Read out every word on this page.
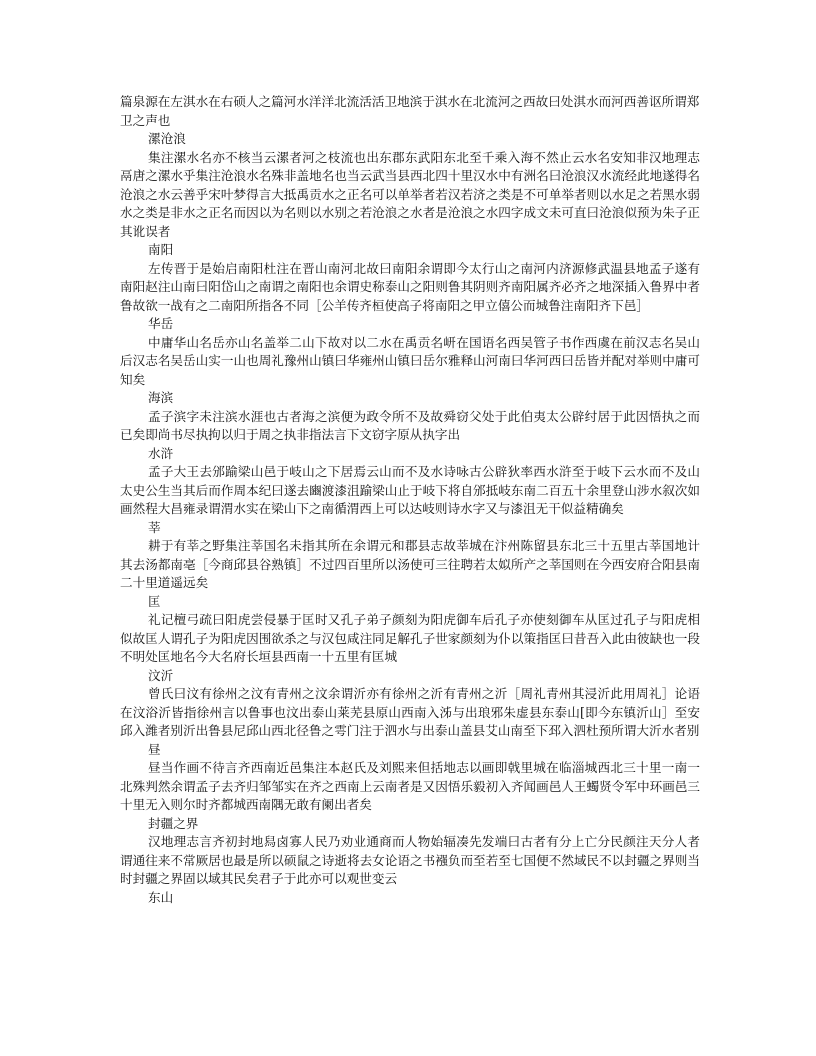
篇泉源在左淇水在右硕人之篇河水洋洋北流活活卫地滨于淇水在北流河之西故曰处淇水而河西善讴所谓郑卫之声也

漯沧浪

集注漯水名亦不核当云漯者河之枝流也出东郡东武阳东北至千乘入海不然止云水名安知非汉地理志鬲唐之漯水乎集注沧浪水名殊非盖地名也当云武当县西北四十里汉水中有洲名曰沧浪汉水流经此地遂得名沧浪之水云善乎宋叶梦得言大抵禹贡水之正名可以单举者若汉若济之类是不可单举者则以水足之若黑水弱水之类是非水之正名而因以为名则以水别之若沧浪之水者是沧浪之水四字成文未可直曰沧浪似预为朱子正其讹误者

南阳

左传晋于是始启南阳杜注在晋山南河北故曰南阳余谓即今太行山之南河内济源修武温县地孟子遂有南阳赵注山南曰阳岱山之南谓之南阳也余谓史称泰山之阳则鲁其阴则齐南阳属齐必齐之地深插入鲁界中者鲁故欲一战有之二南阳所指各不同［公羊传齐桓使高子将南阳之甲立僖公而城鲁注南阳齐下邑］

华岳

中庸华山名岳亦山名盖举二山下故对以二水在禹贡名岍在国语名西吴管子书作西虞在前汉志名吴山后汉志名吴岳山实一山也周礼豫州山镇曰华雍州山镇曰岳尔雅释山河南曰华河西曰岳皆并配对举则中庸可知矣

海滨

孟子滨字未注滨水涯也古者海之滨便为政令所不及故舜窃父处于此伯夷太公辟纣居于此因悟执之而已矣即尚书尽执拘以归于周之执非指法言下文窃字原从执字出

水浒

孟子大王去邠踰梁山邑于岐山之下居焉云山而不及水诗咏古公辟狄率西水浒至于岐下云水而不及山太史公生当其后而作周本纪曰遂去豳渡漆沮踰梁山止于岐下将自邠抵岐东南二百五十余里登山涉水叙次如画然程大昌雍录谓渭水实在梁山下之南循渭西上可以达岐则诗水字又与漆沮无干似益精确矣

莘

耕于有莘之野集注莘国名未指其所在余谓元和郡县志故莘城在汴州陈留县东北三十五里古莘国地计其去汤都南亳［今商邱县谷熟镇］不过四百里所以汤使可三往聘若太姒所产之莘国则在今西安府合阳县南二十里道遥远矣

匡

礼记檀弓疏曰阳虎尝侵暴于匡时又孔子弟子颜刻为阳虎御车后孔子亦使刻御车从匡过孔子与阳虎相似故匡人谓孔子为阳虎因围欲杀之与汉包咸注同足解孔子世家颜刻为仆以策指匡曰昔吾入此由彼缺也一段不明处匡地名今大名府长垣县西南一十五里有匡城

汶沂

曾氏曰汶有徐州之汶有青州之汶余谓沂亦有徐州之沂有青州之沂［周礼青州其浸沂此用周礼］论语在汶浴沂皆指徐州言以鲁事也汶出泰山莱芜县原山西南入泲与出琅邪朱虚县东泰山[即今东镇沂山］至安邱入潍者别沂出鲁县尼邱山西北径鲁之雩门注于泗水与出泰山盖县艾山南至下邳入泗杜预所谓大沂水者别

昼

昼当作画不待言齐西南近邑集注本赵氏及刘熙来但括地志以画即戟里城在临淄城西北三十里一南一北殊判然余谓孟子去齐归邹邹实在齐之西南上云南者是又因悟乐毅初入齐闻画邑人王蠋贤令军中环画邑三十里无入则尔时齐都城西南隅无敢有阑出者矣

封疆之界

汉地理志言齐初封地舄卤寡人民乃劝业通商而人物始辐凑先发端曰古者有分上亡分民颜注天分人者谓通往来不常厥居也最是所以硕鼠之诗逝将去女论语之书襁负而至若至七国便不然域民不以封疆之界则当时封疆之界固以域其民矣君子于此亦可以观世变云

东山
